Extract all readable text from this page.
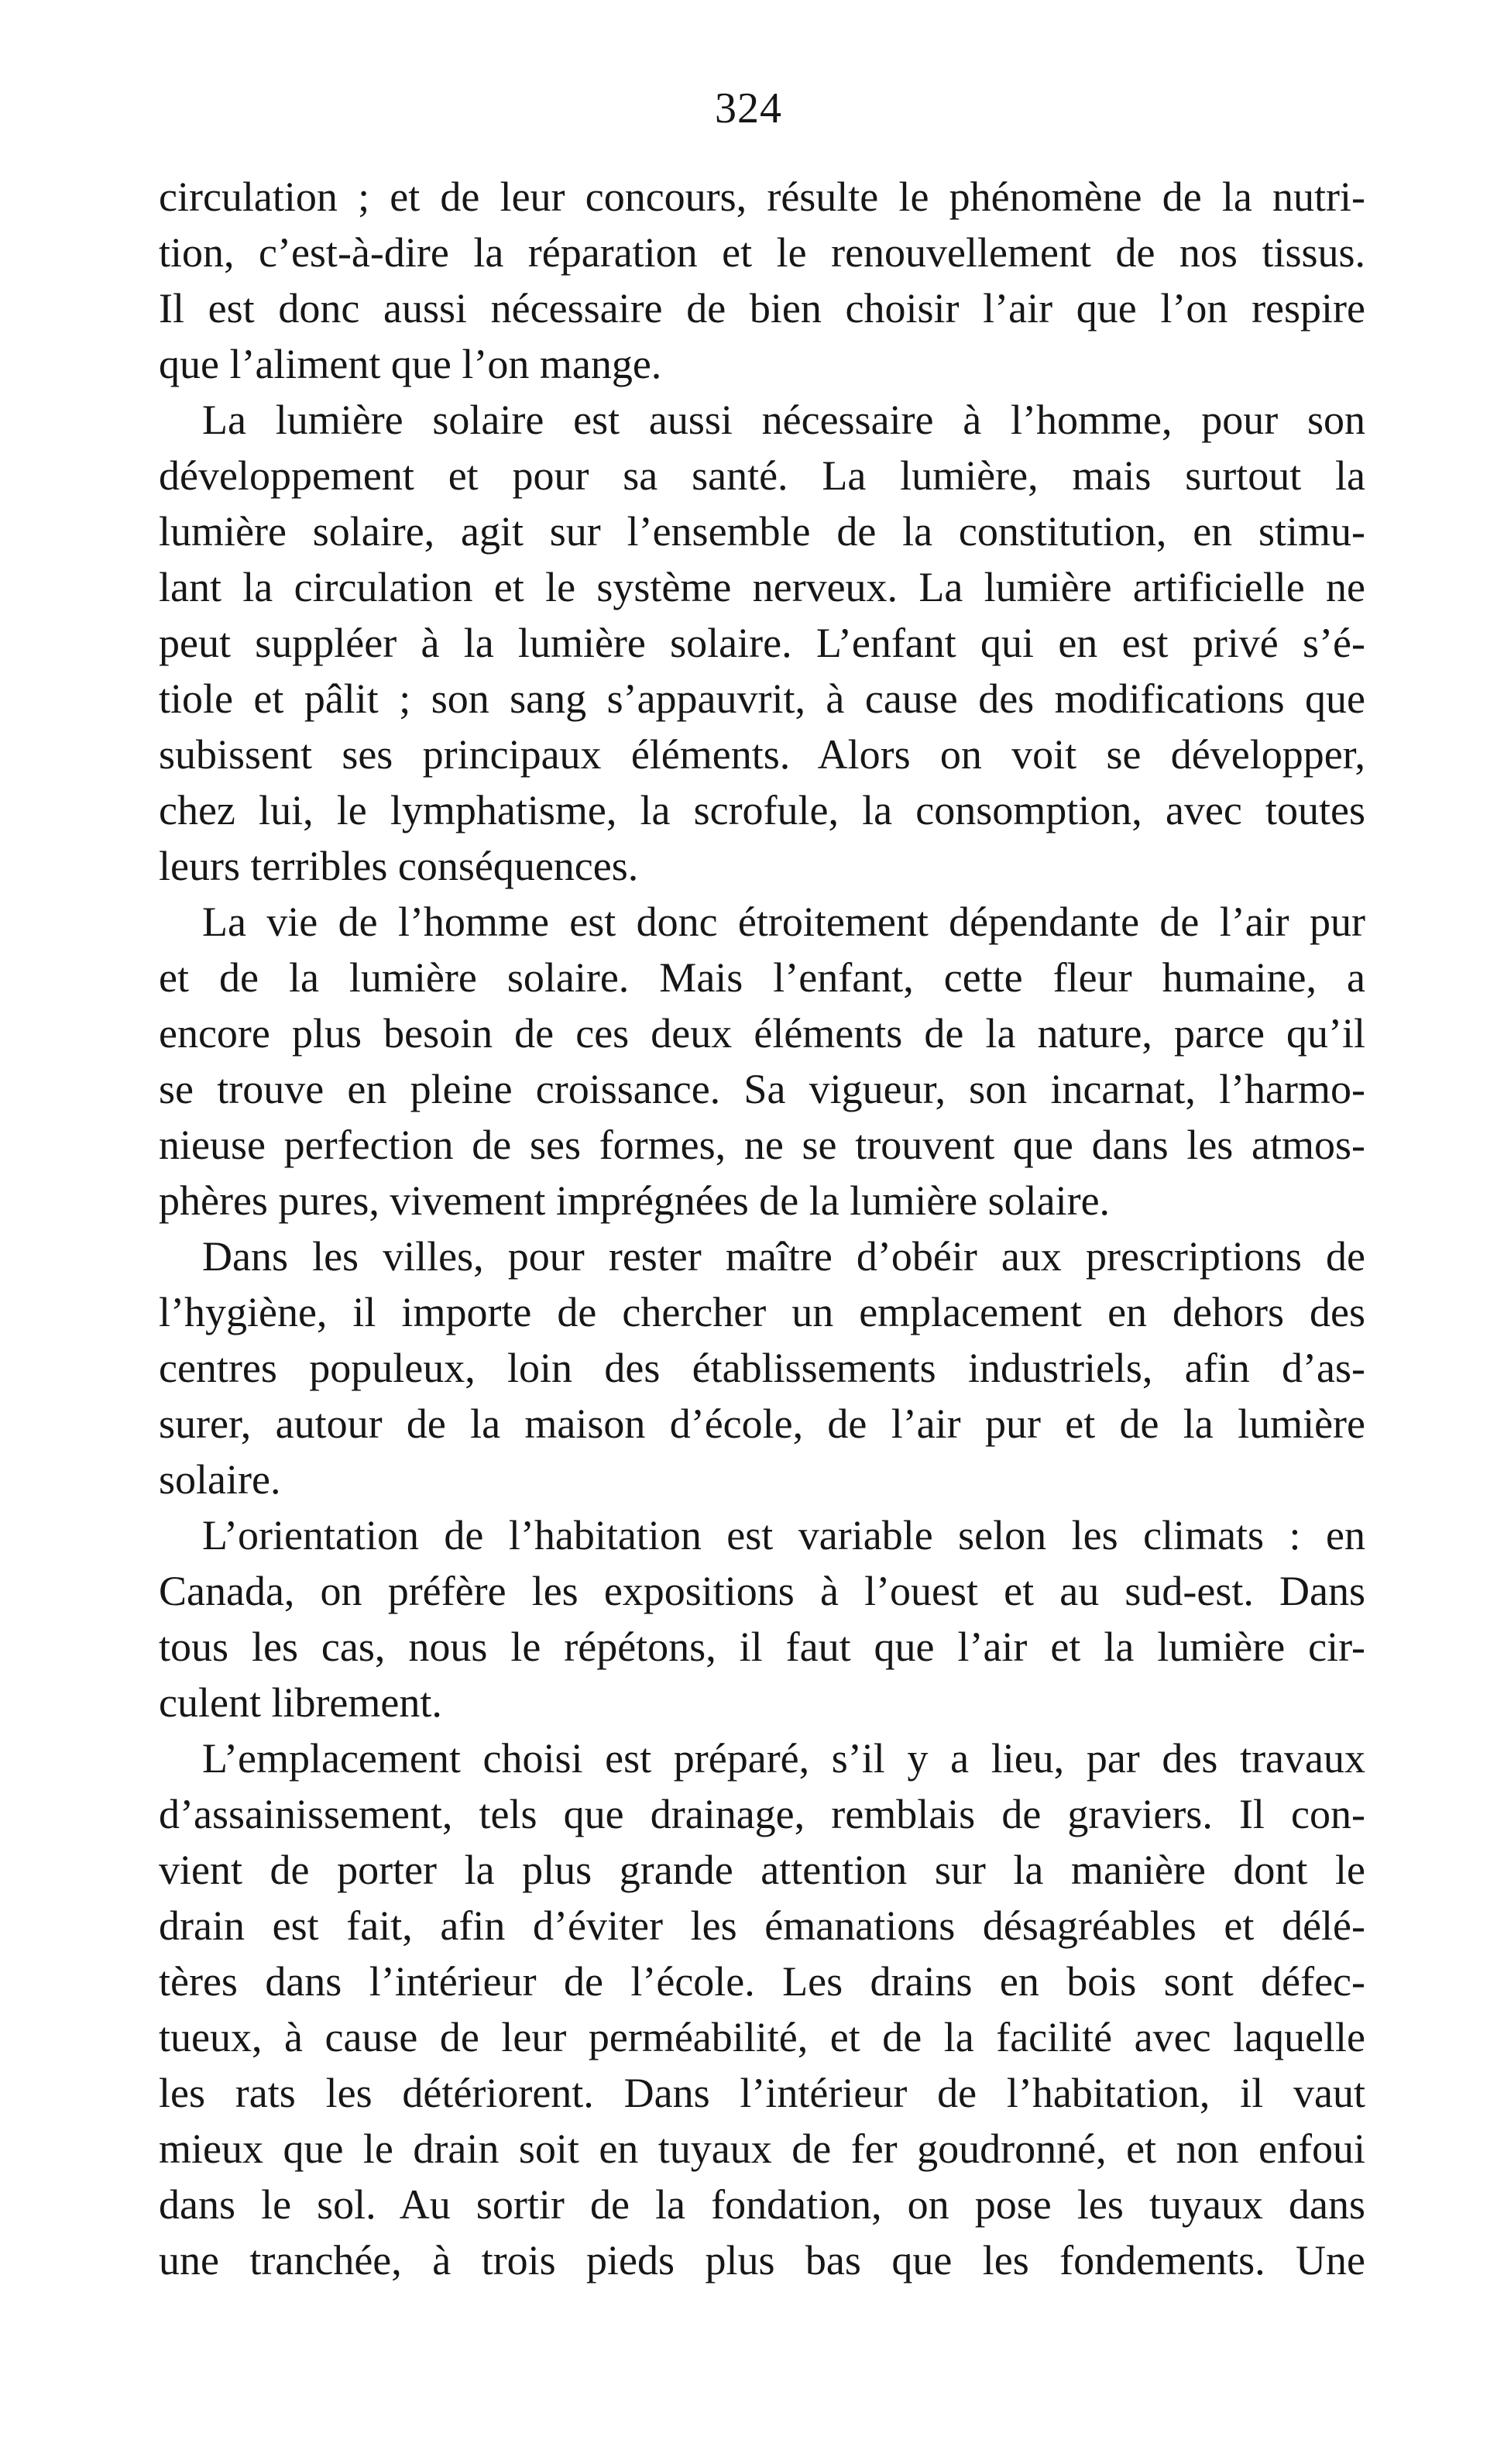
324
circulation ; et de leur concours, résulte le phénomène de la nutri-
tion, c’est-à-dire la réparation et le renouvellement de nos tissus.
Il est donc aussi nécessaire de bien choisir l’air que l’on respire
que l’aliment que l’on mange.
La lumière solaire est aussi nécessaire à l’homme, pour son
développement et pour sa santé. La lumière, mais surtout la
lumière solaire, agit sur l’ensemble de la constitution, en stimu-
lant la circulation et le système nerveux. La lumière artificielle ne
peut suppléer à la lumière solaire. L’enfant qui en est privé s’é-
tiole et pâlit ; son sang s’appauvrit, à cause des modifications que
subissent ses principaux éléments. Alors on voit se développer,
chez lui, le lymphatisme, la scrofule, la consomption, avec toutes
leurs terribles conséquences.
La vie de l’homme est donc étroitement dépendante de l’air pur
et de la lumière solaire. Mais l’enfant, cette fleur humaine, a
encore plus besoin de ces deux éléments de la nature, parce qu’il
se trouve en pleine croissance. Sa vigueur, son incarnat, l’harmo-
nieuse perfection de ses formes, ne se trouvent que dans les atmos-
phères pures, vivement imprégnées de la lumière solaire.
Dans les villes, pour rester maître d’obéir aux prescriptions de
l’hygiène, il importe de chercher un emplacement en dehors des
centres populeux, loin des établissements industriels, afin d’as-
surer, autour de la maison d’école, de l’air pur et de la lumière
solaire.
L’orientation de l’habitation est variable selon les climats : en
Canada, on préfère les expositions à l’ouest et au sud-est. Dans
tous les cas, nous le répétons, il faut que l’air et la lumière cir-
culent librement.
L’emplacement choisi est préparé, s’il y a lieu, par des travaux
d’assainissement, tels que drainage, remblais de graviers. Il con-
vient de porter la plus grande attention sur la manière dont le
drain est fait, afin d’éviter les émanations désagréables et délé-
tères dans l’intérieur de l’école. Les drains en bois sont défec-
tueux, à cause de leur perméabilité, et de la facilité avec laquelle
les rats les détériorent. Dans l’intérieur de l’habitation, il vaut
mieux que le drain soit en tuyaux de fer goudronné, et non enfoui
dans le sol. Au sortir de la fondation, on pose les tuyaux dans
une tranchée, à trois pieds plus bas que les fondements. Une
